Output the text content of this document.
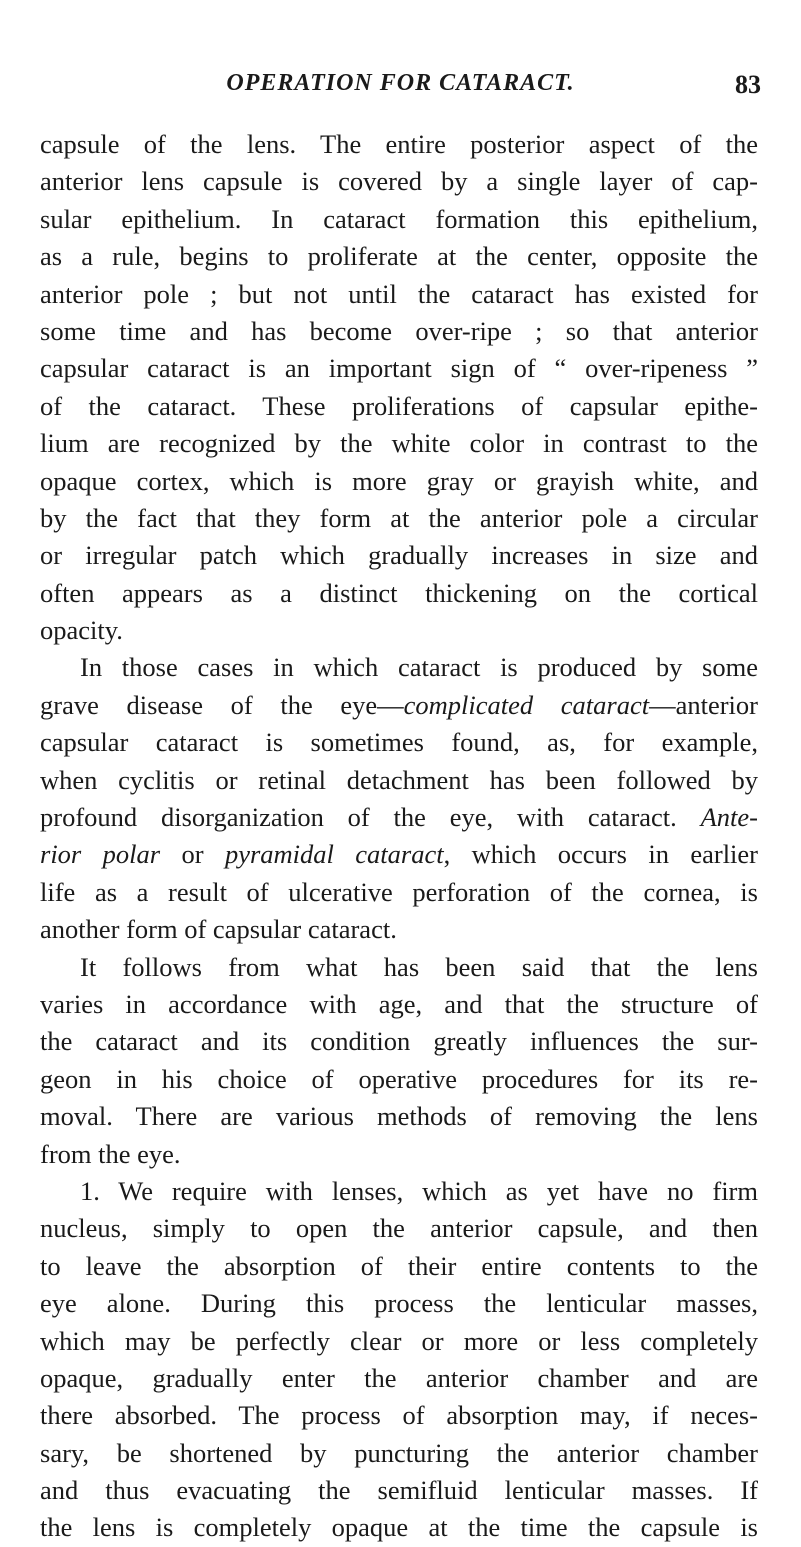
OPERATION FOR CATARACT.	83
capsule of the lens. The entire posterior aspect of the
anterior lens capsule is covered by a single layer of cap-
sular epithelium. In cataract formation this epithelium,
as a rule, begins to proliferate at the center, opposite the
anterior pole ; but not until the cataract has existed for
some time and has become over-ripe ; so that anterior
capsular cataract is an important sign of “ over-ripeness ”
of the cataract. These proliferations of capsular epithe-
lium are recognized by the white color in contrast to the
opaque cortex, which is more gray or grayish white, and
by the fact that they form at the anterior pole a circular
or irregular patch which gradually increases in size and
often appears as a distinct thickening on the cortical
opacity.
In those cases in which cataract is produced by some
grave disease of the eye—complicated cataract—anterior
capsular cataract is sometimes found, as, for example,
when cyclitis or retinal detachment has been followed by
profound disorganization of the eye, with cataract. Ante-
rior polar or pyramidal cataract, which occurs in earlier
life as a result of ulcerative perforation of the cornea, is
another form of capsular cataract.
It follows from what has been said that the lens
varies in accordance with age, and that the structure of
the cataract and its condition greatly influences the sur-
geon in his choice of operative procedures for its re-
moval. There are various methods of removing the lens
from the eye.
1. We require with lenses, which as yet have no firm
nucleus, simply to open the anterior capsule, and then
to leave the absorption of their entire contents to the
eye alone. During this process the lenticular masses,
which may be perfectly clear or more or less completely
opaque, gradually enter the anterior chamber and are
there absorbed. The process of absorption may, if neces-
sary, be shortened by puncturing the anterior chamber
and thus evacuating the semifluid lenticular masses. If
the lens is completely opaque at the time the capsule is
